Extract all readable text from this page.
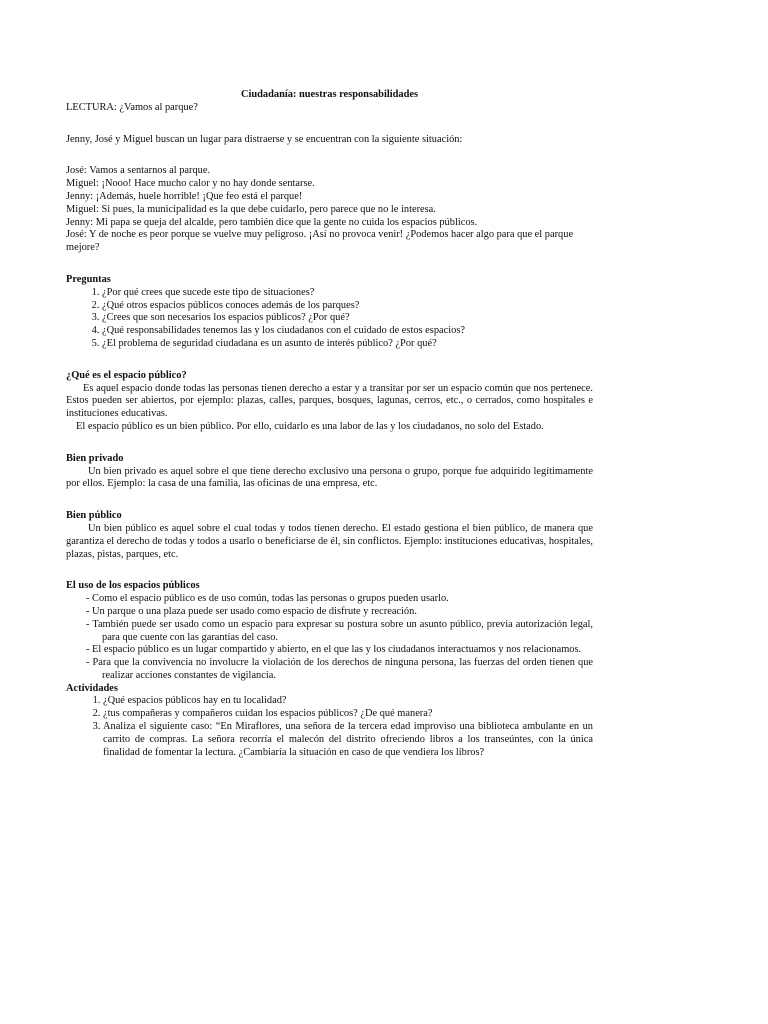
Ciudadanía: nuestras responsabilidades

LECTURA: ¿Vamos al parque?

Jenny, José y Miguel buscan un lugar para distraerse y se encuentran con la siguiente situación:

José: Vamos a sentarnos al parque.

Miguel: ¡Nooo! Hace mucho calor y no hay donde sentarse.

Jenny: ¡Además, huele horrible! ¡Que feo está el parque!

Miguel: Si pues, la municipalidad es la que debe cuidarlo, pero parece que no le interesa.

Jenny: Mi papa se queja del alcalde, pero también dice que la gente no cuida los espacios públicos.

José: Y de noche es peor porque se vuelve muy peligroso. ¡Así no provoca venir! ¿Podemos hacer algo para que el parque mejore?

Preguntas
1. ¿Por qué crees que sucede este tipo de situaciones?
2. ¿Qué otros espacios públicos conoces además de los parques?
3. ¿Crees que son necesarios los espacios públicos? ¿Por qué?
4. ¿Qué responsabilidades tenemos las y los ciudadanos con el cuidado de estos espacios?
5. ¿El problema de seguridad ciudadana es un asunto de interés público? ¿Por qué?
¿Qué es el espacio público?

Es aquel espacio donde todas las personas tienen derecho a estar y a transitar por ser un espacio común que nos pertenece. Estos pueden ser abiertos, por ejemplo: plazas, calles, parques, bosques, lagunas, cerros, etc., o cerrados, como hospitales e instituciones educativas.

El espacio público es un bien público. Por ello, cuidarlo es una labor de las y los ciudadanos, no solo del Estado.

Bien privado

Un bien privado es aquel sobre el que tiene derecho exclusivo una persona o grupo, porque fue adquirido legítimamente por ellos. Ejemplo: la casa de una familia, las oficinas de una empresa, etc.

Bien público

Un bien público es aquel sobre el cual todas y todos tienen derecho. El estado gestiona el bien público, de manera que garantiza el derecho de todas y todos a usarlo o beneficiarse de él, sin conflictos. Ejemplo: instituciones educativas, hospitales, plazas, pistas, parques, etc.

El uso de los espacios públicos
- Como el espacio público es de uso común, todas las personas o grupos pueden usarlo.
- Un parque o una plaza puede ser usado como espacio de disfrute y recreación.
- También puede ser usado como un espacio para expresar su postura sobre un asunto público, previa autorización legal, para que cuente con las garantías del caso.
- El espacio público es un lugar compartido y abierto, en el que las y los ciudadanos interactuamos y nos relacionamos.
- Para que la convivencia no involucre la violación de los derechos de ninguna persona, las fuerzas del orden tienen que realizar acciones constantes de vigilancia.
Actividades
1. ¿Qué espacios públicos hay en tu localidad?
2. ¿tus compañeras y compañeros cuidan los espacios públicos? ¿De qué manera?
3. Analiza el siguiente caso: “En Miraflores, una señora de la tercera edad improviso una biblioteca ambulante en un carrito de compras. La señora recorría el malecón del distrito ofreciendo libros a los transeúntes, con la única finalidad de fomentar la lectura. ¿Cambiaría la situación en caso de que vendiera los libros?
